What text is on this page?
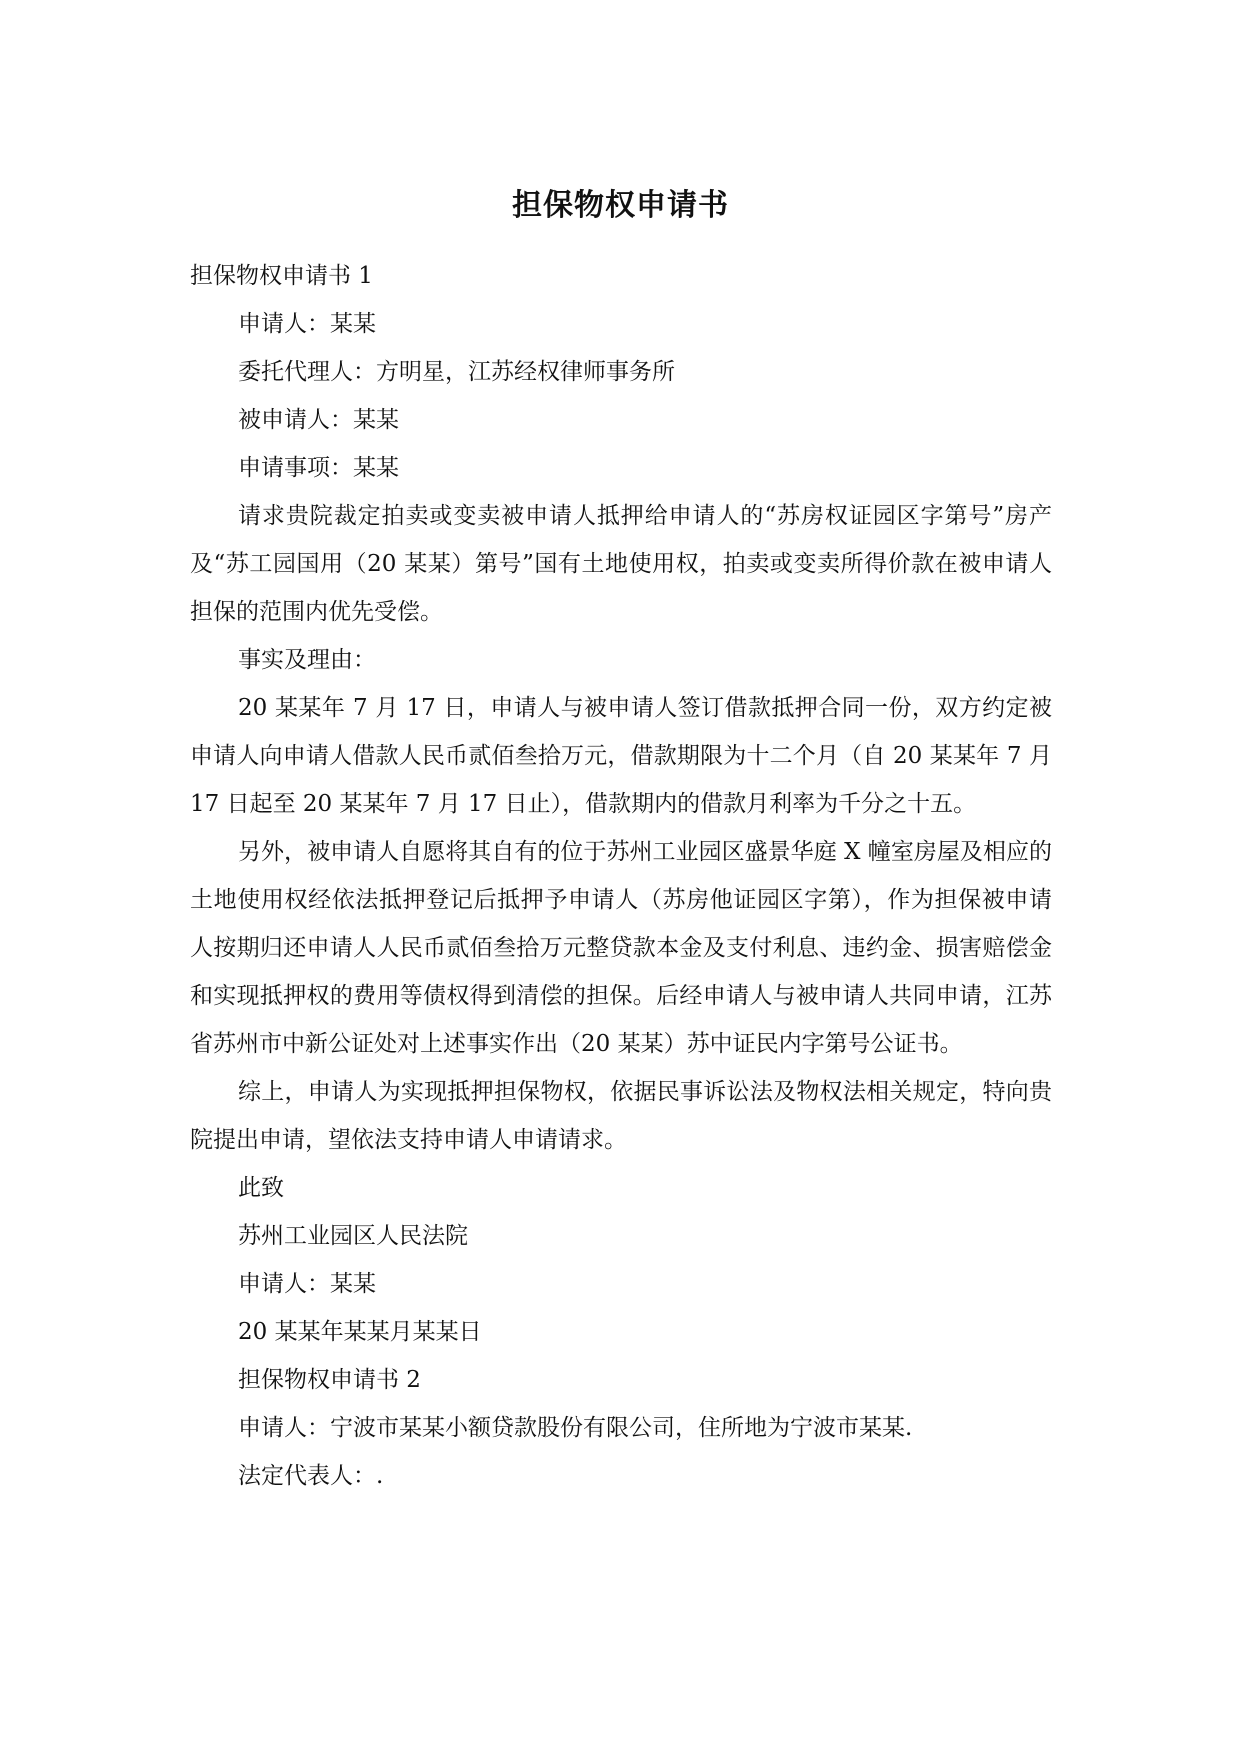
担保物权申请书

担保物权申请书 1

申请人：某某

委托代理人：方明星，江苏经权律师事务所

被申请人：某某

申请事项：某某

请求贵院裁定拍卖或变卖被申请人抵押给申请人的“苏房权证园区字第号”房产及“苏工园国用（20 某某）第号”国有土地使用权，拍卖或变卖所得价款在被申请人担保的范围内优先受偿。

事实及理由：

20 某某年 7 月 17 日，申请人与被申请人签订借款抵押合同一份，双方约定被申请人向申请人借款人民币贰佰叁拾万元，借款期限为十二个月（自 20 某某年 7 月 17 日起至 20 某某年 7 月 17 日止），借款期内的借款月利率为千分之十五。

另外，被申请人自愿将其自有的位于苏州工业园区盛景华庭 X 幢室房屋及相应的土地使用权经依法抵押登记后抵押予申请人（苏房他证园区字第），作为担保被申请人按期归还申请人人民币贰佰叁拾万元整贷款本金及支付利息、违约金、损害赔偿金和实现抵押权的费用等债权得到清偿的担保。后经申请人与被申请人共同申请，江苏省苏州市中新公证处对上述事实作出（20 某某）苏中证民内字第号公证书。

综上，申请人为实现抵押担保物权，依据民事诉讼法及物权法相关规定，特向贵院提出申请，望依法支持申请人申请请求。

此致

苏州工业园区人民法院

申请人：某某

20 某某年某某月某某日

担保物权申请书 2

申请人：宁波市某某小额贷款股份有限公司，住所地为宁波市某某.

法定代表人：.
